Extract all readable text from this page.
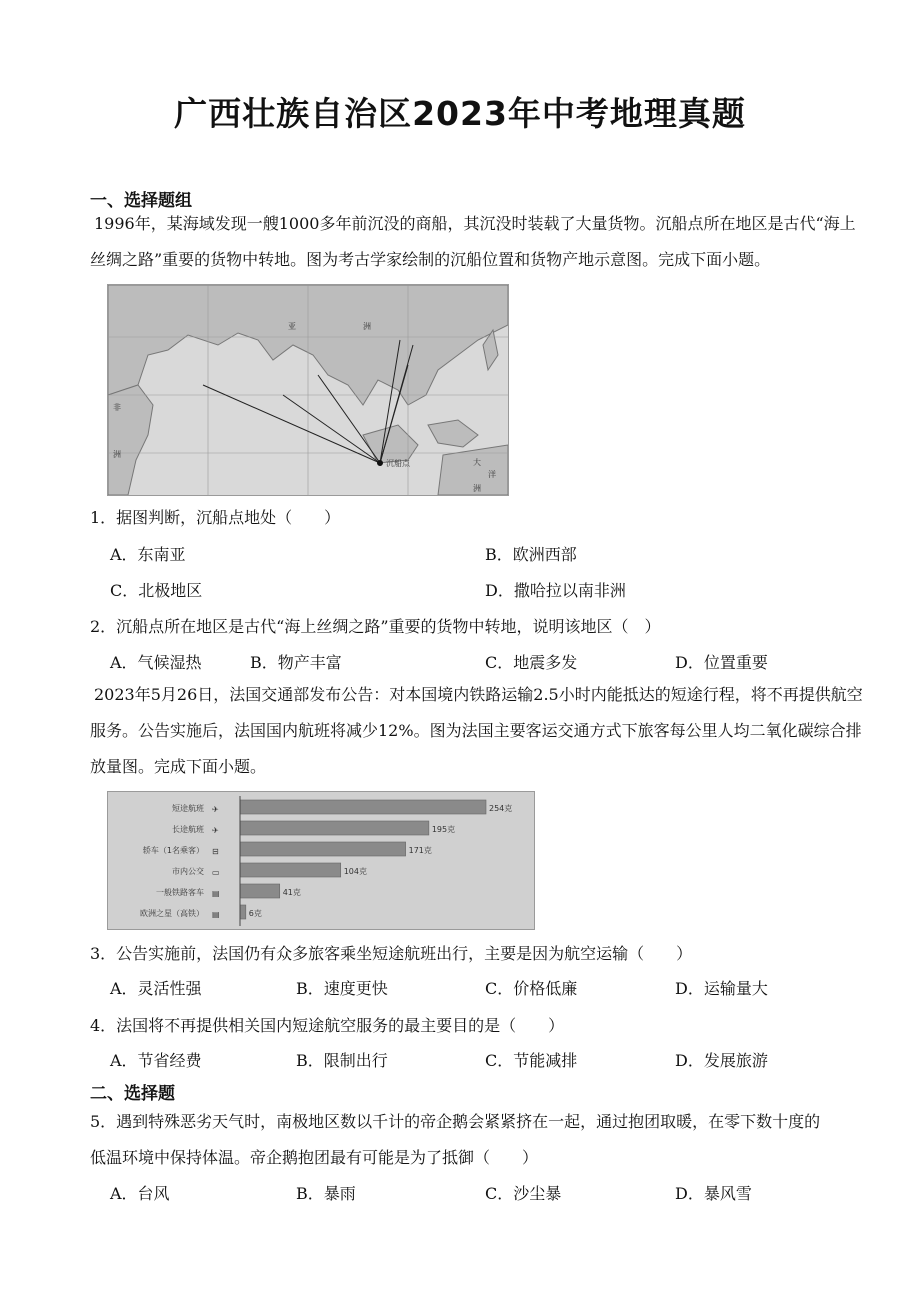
广西壮族自治区2023年中考地理真题
一、选择题组
1996年，某海域发现一艘1000多年前沉没的商船，其沉没时装载了大量货物。沉船点所在地区是古代“海上丝绸之路”重要的货物中转地。图为考古学家绘制的沉船位置和货物产地示意图。完成下面小题。
亚	洲
非
洲
沉船点	大
洋
洲
1．据图判断，沉船点地处（　　）
A．东南亚	B．欧洲西部
C．北极地区	D．撒哈拉以南非洲
2．沉船点所在地区是古代“海上丝绸之路”重要的货物中转地，说明该地区（　）
A．气候湿热	B．物产丰富	C．地震多发	D．位置重要
2023年5月26日，法国交通部发布公告：对本国境内铁路运输2.5小时内能抵达的短途行程，将不再提供航空服务。公告实施后，法国国内航班将减少12%。图为法国主要客运交通方式下旅客每公里人均二氧化碳综合排放量图。完成下面小题。
短途航班 ✈	254克
长途航班 ✈	195克
轿车（1名乘客） ⊟	171克
市内公交 ▭	104克
一般铁路客车 ▤	41克
欧洲之星（高铁） ▤	6克
3．公告实施前，法国仍有众多旅客乘坐短途航班出行，主要是因为航空运输（　　）
A．灵活性强	B．速度更快	C．价格低廉	D．运输量大
4．法国将不再提供相关国内短途航空服务的最主要目的是（　　）
A．节省经费	B．限制出行	C．节能减排	D．发展旅游
二、选择题
5．遇到特殊恶劣天气时，南极地区数以千计的帝企鹅会紧紧挤在一起，通过抱团取暖，在零下数十度的
低温环境中保持体温。帝企鹅抱团最有可能是为了抵御（　　）
A．台风	B．暴雨	C．沙尘暴	D．暴风雪
